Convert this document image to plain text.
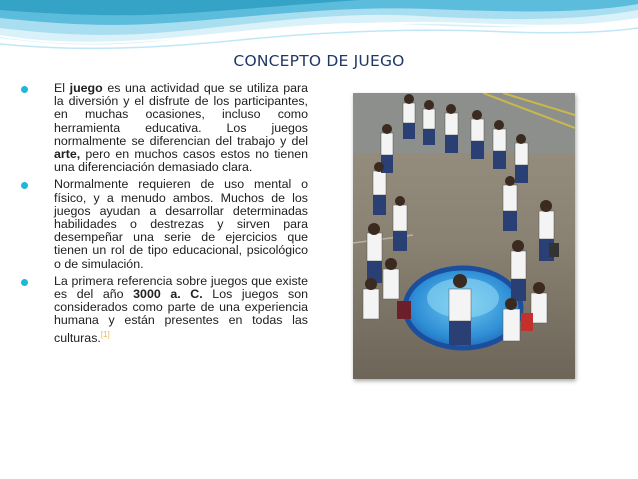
CONCEPTO DE JUEGO

El juego es una actividad que se utiliza para la diversión y el disfrute de los participantes, en muchas ocasiones, incluso como herramienta educativa. Los juegos normalmente se diferencian del trabajo y del arte, pero en muchos casos estos no tienen una diferenciación demasiado clara.

Normalmente requieren de uso mental o físico, y a menudo ambos. Muchos de los juegos ayudan a desarrollar determinadas habilidades o destrezas y sirven para desempeñar una serie de ejercicios que tienen un rol de tipo educacional, psicológico o de simulación.

La primera referencia sobre juegos que existe es del año 3000 a. C. Los juegos son considerados como parte de una experiencia humana y están presentes en todas las culturas.[1]
